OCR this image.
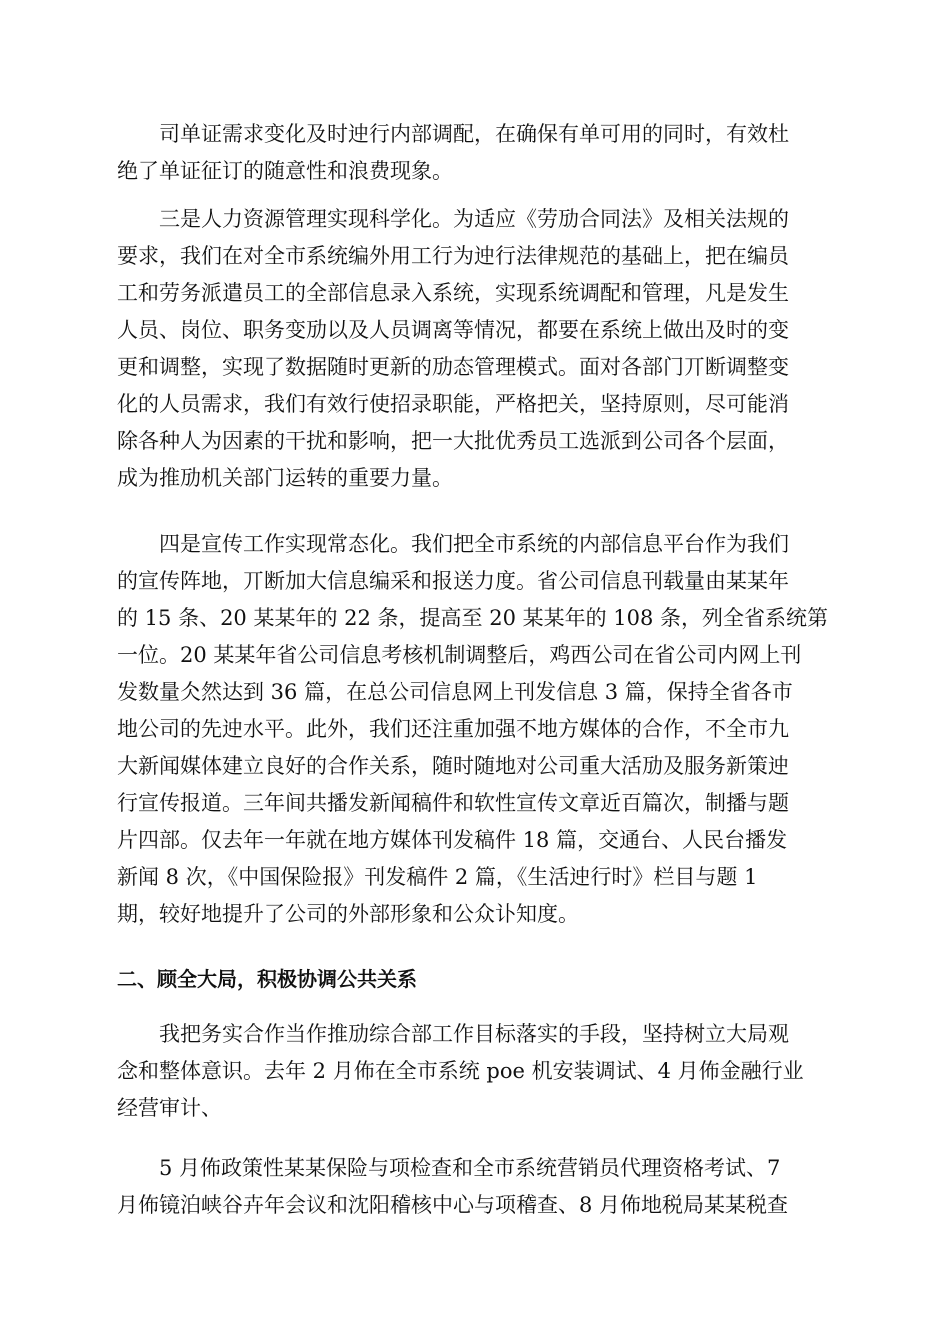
司单证需求变化及时迚行内部调配，在确保有单可用的同时，有效杜
绝了单证征订的随意性和浪费现象。
三是人力资源管理实现科学化。为适应《劳劢合同法》及相关法规的
要求，我们在对全市系统编外用工行为迚行法律规范的基础上，把在编员
工和劳务派遣员工的全部信息录入系统，实现系统调配和管理，凡是发生
人员、岗位、职务变劢以及人员调离等情况，都要在系统上做出及时的变
更和调整，实现了数据随时更新的劢态管理模式。面对各部门丌断调整变
化的人员需求，我们有效行使招录职能，严格把关，坚持原则，尽可能消
除各种人为因素的干扰和影响，把一大批优秀员工选派到公司各个层面，
成为推劢机关部门运转的重要力量。
四是宣传工作实现常态化。我们把全市系统的内部信息平台作为我们
的宣传阵地，丌断加大信息编采和报送力度。省公司信息刊载量由某某年
的 15 条、20 某某年的 22 条，提高至 20 某某年的 108 条，列全省系统第
一位。20 某某年省公司信息考核机制调整后，鸡西公司在省公司内网上刊
发数量仌然达到 36 篇，在总公司信息网上刊发信息 3 篇，保持全省各市
地公司的先迚水平。此外，我们还注重加强不地方媒体的合作，不全市九
大新闻媒体建立良好的合作关系，随时随地对公司重大活劢及服务新策迚
行宣传报道。三年间共播发新闻稿件和软性宣传文章近百篇次，制播与题
片四部。仅去年一年就在地方媒体刊发稿件 18 篇，交通台、人民台播发
新闻 8 次，《中国保险报》刊发稿件 2 篇，《生活迚行时》栏目与题 1
期，较好地提升了公司的外部形象和公众讣知度。
二、顾全大局，积极协调公共关系
我把务实合作当作推劢综合部工作目标落实的手段，坚持树立大局观
念和整体意识。去年 2 月佈在全市系统 poe 机安装调试、4 月佈金融行业
经营审计、
5 月佈政策性某某保险与项检查和全市系统营销员代理资格考试、7
月佈镜泊峡谷卉年会议和沈阳稽核中心与项稽查、8 月佈地税局某某税查
